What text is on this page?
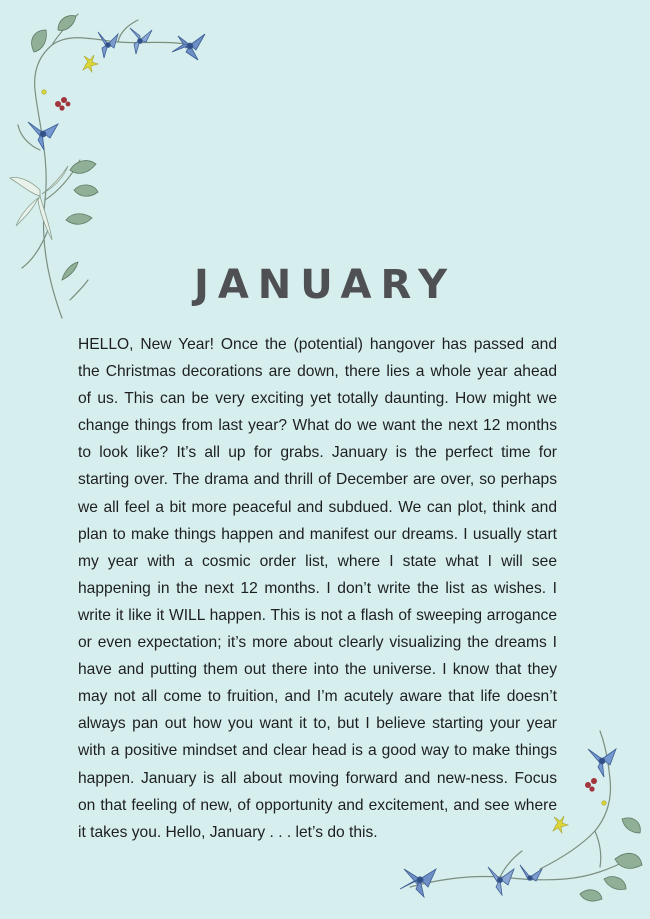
JANUARY

HELLO, New Year! Once the (potential) hangover has passed and the Christmas decorations are down, there lies a whole year ahead of us. This can be very exciting yet totally daunting. How might we change things from last year? What do we want the next 12 months to look like? It’s all up for grabs. January is the perfect time for starting over. The drama and thrill of December are over, so perhaps we all feel a bit more peaceful and subdued. We can plot, think and plan to make things happen and manifest our dreams. I usually start my year with a cosmic order list, where I state what I will see happening in the next 12 months. I don’t write the list as wishes. I write it like it WILL happen. This is not a flash of sweeping arrogance or even expectation; it’s more about clearly visualizing the dreams I have and putting them out there into the universe. I know that they may not all come to fruition, and I’m acutely aware that life doesn’t always pan out how you want it to, but I believe starting your year with a positive mindset and clear head is a good way to make things happen. January is all about moving forward and new-ness. Focus on that feeling of new, of opportunity and excitement, and see where it takes you. Hello, January . . . let’s do this.
